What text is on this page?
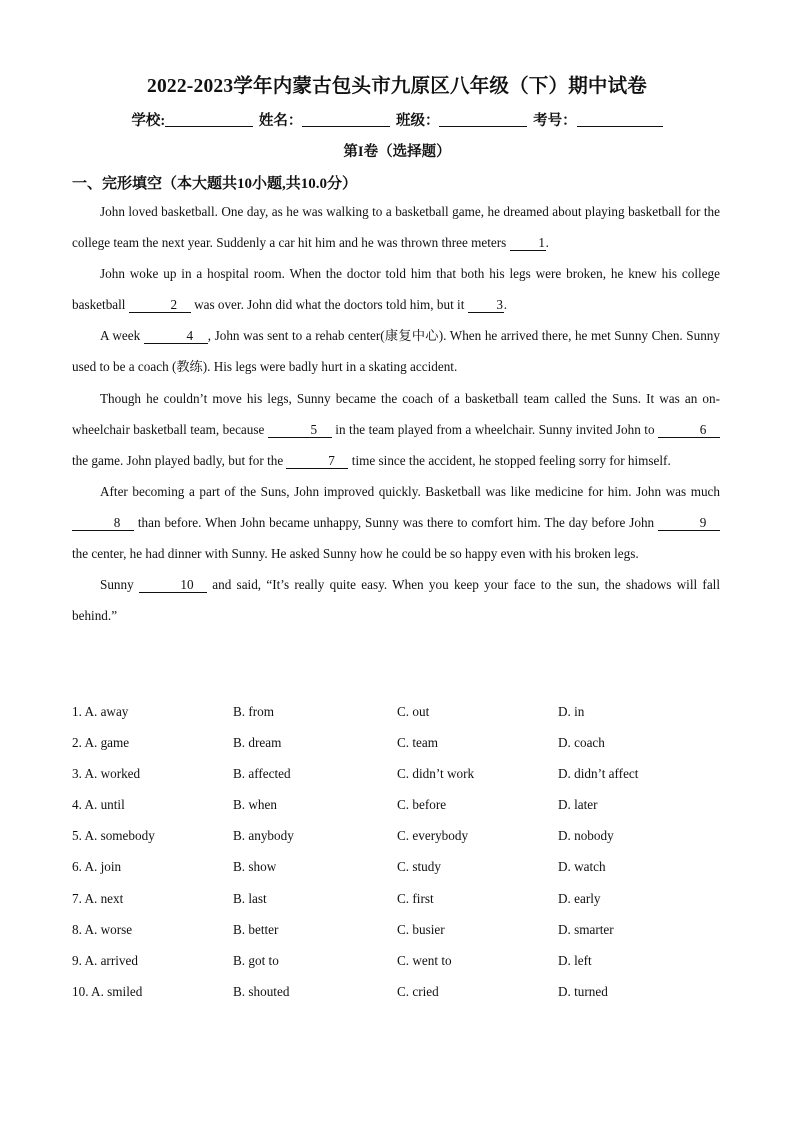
2022-2023学年内蒙古包头市九原区八年级（下）期中试卷
学校:	姓名：	班级：	考号：
第I卷（选择题）
一、完形填空（本大题共10小题,共10.0分）

John loved basketball. One day, as he was walking to a basketball game, he dreamed about playing basketball for the college team the next year. Suddenly a car hit him and he was thrown three meters 1.

John woke up in a hospital room. When the doctor told him that both his legs were broken, he knew his college basketball	2 was over. John did what the doctors told him, but it 3.

A week	4 , John was sent to a rehab center(康复中心). When he arrived there, he met Sunny Chen. Sunny used to be a coach (教练). His legs were badly hurt in a skating accident.

Though he couldn’t move his legs, Sunny became the coach of a basketball team called the Suns. It was an on-wheelchair basketball team, because	5 in the team played from a wheelchair. Sunny invited John to	6 the game. John played badly, but for the	7 time since the accident, he stopped feeling sorry for himself.

After becoming a part of the Suns, John improved quickly. Basketball was like medicine for him. John was much 8 than before. When John became unhappy, Sunny was there to comfort him. The day before John	9 the center, he had dinner with Sunny. He asked Sunny how he could be so happy even with his broken legs.

Sunny	10 and said, “It’s really quite easy. When you keep your face to the sun, the shadows will fall behind.”

1. A. away	B. from	C. out	D. in
2. A. game	B. dream	C. team	D. coach
3. A. worked	B. affected	C. didn’t work	D. didn’t affect
4. A. until	B. when	C. before	D. later
5. A. somebody	B. anybody	C. everybody	D. nobody
6. A. join	B. show	C. study	D. watch
7. A. next	B. last	C. first	D. early
8. A. worse	B. better	C. busier	D. smarter
9. A. arrived	B. got to	C. went to	D. left
10. A. smiled	B. shouted	C. cried	D. turned
